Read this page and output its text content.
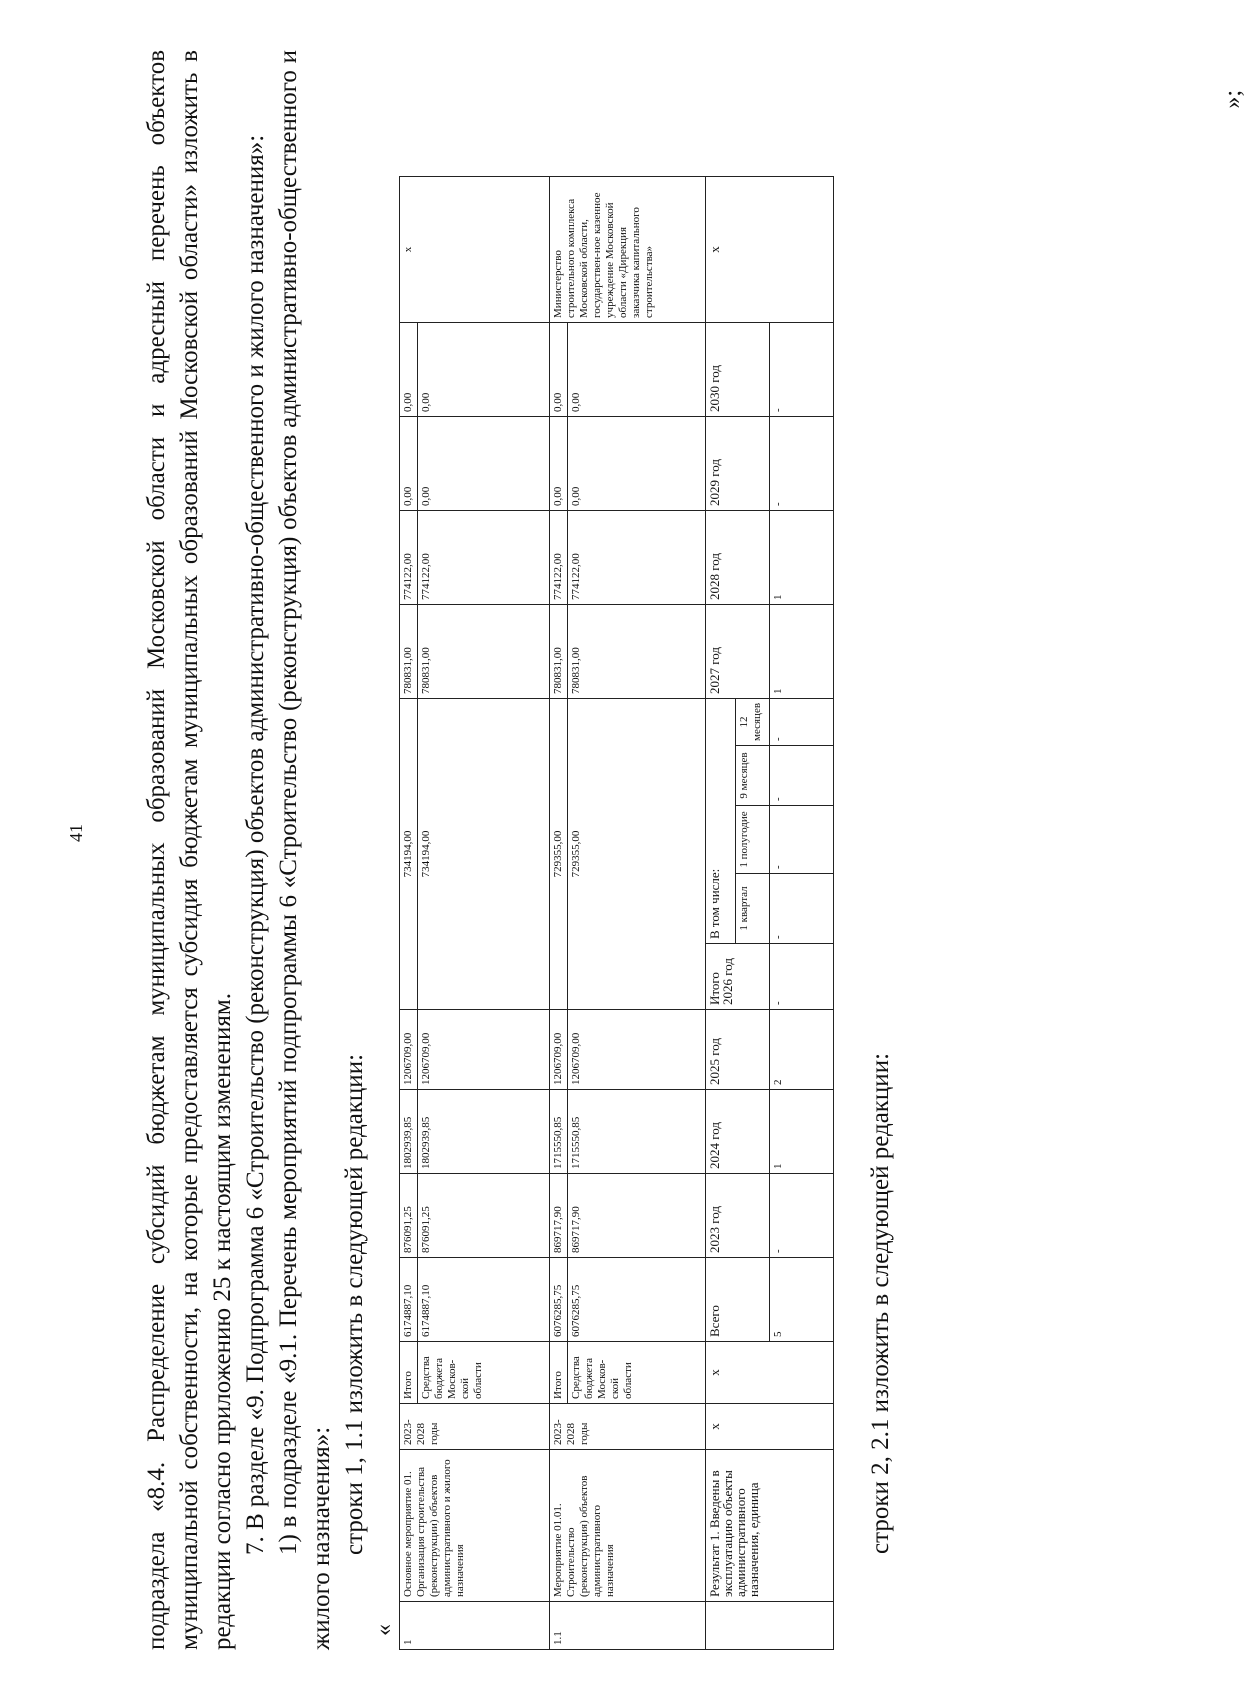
41 подраздела «8.4. Распределение субсидий бюджетам муниципальных образований Московской области и адресный перечень объектов муниципальной собственности, на которые предоставляется субсидия бюджетам муниципальных образований Московской области» изложить в редакции согласно приложению 25 к настоящим изменениям. 7. В разделе «9. Подпрограмма 6 «Строительство (реконструкция) объектов административно-общественного и жилого назначения»: 1) в подразделе «9.1. Перечень мероприятий подпрограммы 6 «Строительство (реконструкция) объектов административно-общественного и жилого назначения»: строки 1, 1.1 изложить в следующей редакции:

«
1	Основное мероприятие 01. Организация строительства (реконструкции) объектов административного и жилого назначения	2023-2028 годы	Итого	6174887,10	876091,25	1802939,85	1206709,00	734194,00					780831,00	774122,00	0,00	0,00	х
			Средства бюджета Москов-ской области	6174887,10	876091,25	1802939,85	1206709,00	734194,00					780831,00	774122,00	0,00	0,00	
1.1	Мероприятие 01.01. Строительство (реконструкция) объектов административного назначения	2023-2028 годы	Итого	6076285,75	869717,90	1715550,85	1206709,00	729355,00					780831,00	774122,00	0,00	0,00	Министерство строительного комплекса Московской области, государствен-ное казенное учреждение Московской области «Дирекция заказчика капитального строительства»
			Средства бюджета Москов-ской области	6076285,75	869717,90	1715550,85	1206709,00	729355,00					780831,00	774122,00	0,00	0,00	
	Результат 1. Введены в эксплуатацию объекты административного назначения, единица	х	х	Всего	2023 год	2024 год	2025 год	Итого 2026 год	В том числе:				2027 год	2028 год	2029 год	2030 год	х
									1 квартал	1 полугодие	9 месяцев	12 месяцев					
				5	-	1	2	-	-	-	-	-	1	1	-	-	
строки 2, 2.1 изложить в следующей редакции:
»;
